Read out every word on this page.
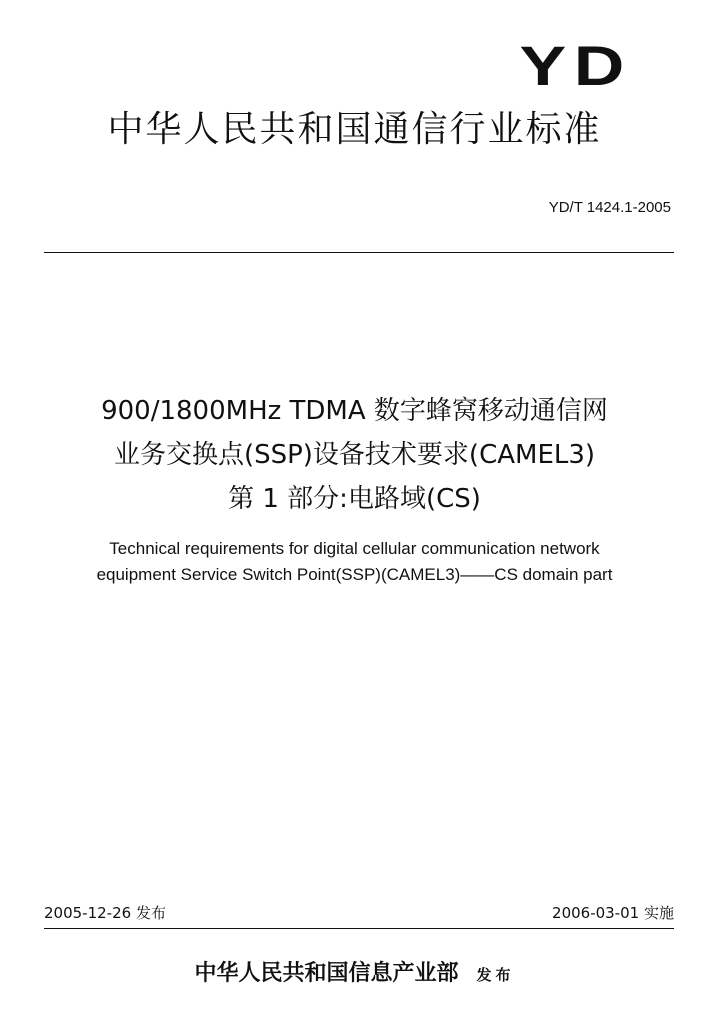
YD
中华人民共和国通信行业标准
YD/T 1424.1-2005
900/1800MHz TDMA 数字蜂窝移动通信网
业务交换点(SSP)设备技术要求(CAMEL3)
第 1 部分:电路域(CS)
Technical requirements for digital cellular communication network
equipment Service Switch Point(SSP)(CAMEL3)——CS domain part
2005-12-26 发布	2006-03-01 实施
中华人民共和国信息产业部 发布
